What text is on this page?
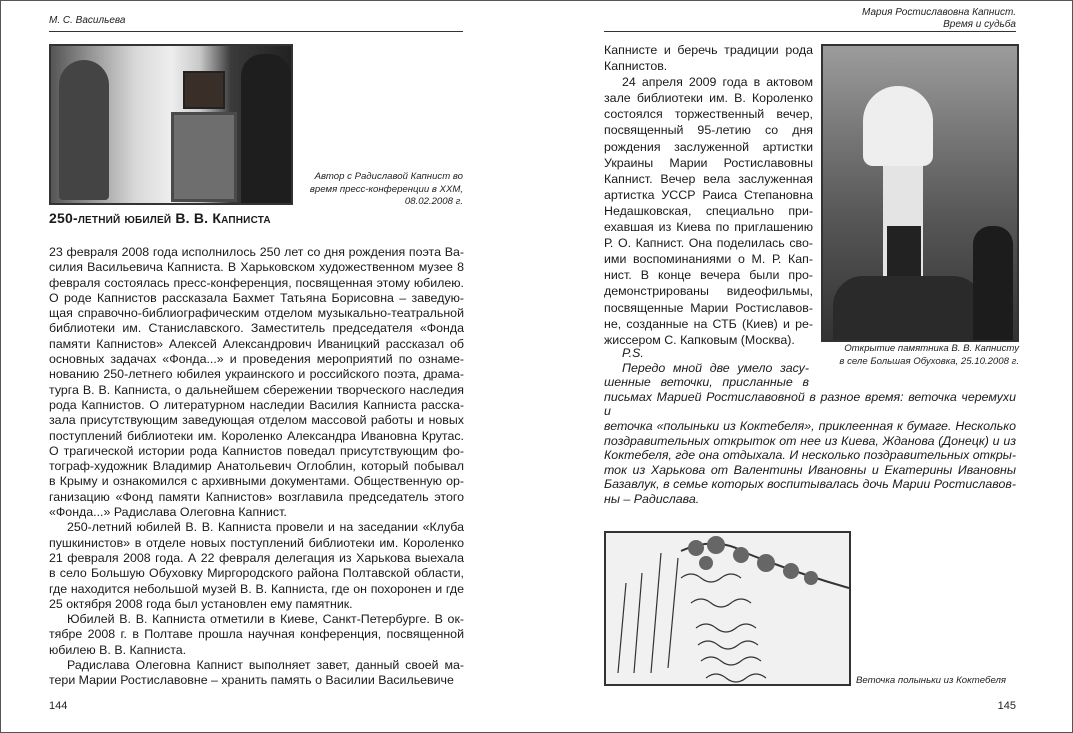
М. С. Васильева
Автор с Радиславой Капнист во
время пресс-конференции в ХХМ,
08.02.2008 г.
250-летний юбилей В. В. Капниста
23 февраля 2008 года исполнилось 250 лет со дня рождения поэта Ва-
силия Васильевича Капниста. В Харьковском художественном музее 8
февраля состоялась пресс-конференция, посвященная этому юбилею.
О роде Капнистов рассказала Бахмет Татьяна Борисовна – заведую-
щая справочно-библиографическим отделом музыкально-театральной
библиотеки им. Станиславского. Заместитель председателя «Фонда
памяти Капнистов» Алексей Александрович Иваницкий рассказал об
основных задачах «Фонда...» и проведения мероприятий по ознаме-
нованию 250-летнего юбилея украинского и российского поэта, драма-
турга В. В. Капниста, о дальнейшем сбережении творческого наследия
рода Капнистов. О литературном наследии Василия Капниста расска-
зала присутствующим заведующая отделом массовой работы и новых
поступлений библиотеки им. Короленко Александра Ивановна Крутас.
О трагической истории рода Капнистов поведал присутствующим фо-
тограф-художник Владимир Анатольевич Оглоблин, который побывал
в Крыму и ознакомился с архивными документами. Общественную ор-
ганизацию «Фонд памяти Капнистов» возглавила председатель этого
«Фонда...» Радислава Олеговна Капнист.
250-летний юбилей В. В. Капниста провели и на заседании «Клуба
пушкинистов» в отделе новых поступлений библиотеки им. Короленко
21 февраля 2008 года. А 22 февраля делегация из Харькова выехала
в село Большую Обуховку Миргородского района Полтавской области,
где находится небольшой музей В. В. Капниста, где он похоронен и где
25 октября 2008 года был установлен ему памятник.
Юбилей В. В. Капниста отметили в Киеве, Санкт-Петербурге. В ок-
тябре 2008 г. в Полтаве прошла научная конференция, посвященной
юбилею В. В. Капниста.
Радислава Олеговна Капнист выполняет завет, данный своей ма-
тери Марии Ростиславовне – хранить память о Василии Васильевиче
144
Мария Ростиславовна Капнист.
Время и судьба
Капнисте и беречь традиции рода
Капнистов.
24 апреля 2009 года в актовом
зале библиотеки им. В. Короленко
состоялся торжественный вечер,
посвященный 95-летию со дня
рождения заслуженной артистки
Украины Марии Ростиславовны
Капнист. Вечер вела заслуженная
артистка УССР Раиса Степановна
Недашковская, специально при-
ехавшая из Киева по приглашению
Р. О. Капнист. Она поделилась сво-
ими воспоминаниями о М. Р. Кап-
нист. В конце вечера были про-
демонстрированы видеофильмы,
посвященные Марии Ростиславов-
не, созданные на СТБ (Киев) и ре-
жиссером С. Капковым (Москва).
Открытие памятника В. В. Капнисту
в селе Большая Обуховка, 25.10.2008 г.
P.S.
Передо мной две умело засу-
шенные веточки, присланные в
письмах Марией Ростиславовной в разное время: веточка черемухи и
веточка «полыньки из Коктебеля», приклеенная к бумаге. Несколько
поздравительных открыток от нее из Киева, Жданова (Донецк) и из
Коктебеля, где она отдыхала. И несколько поздравительных откры-
ток из Харькова от Валентины Ивановны и Екатерины Ивановны
Базавлук, в семье которых воспитывалась дочь Марии Ростиславов-
ны – Радислава.
Веточка полыньки из Коктебеля
145
